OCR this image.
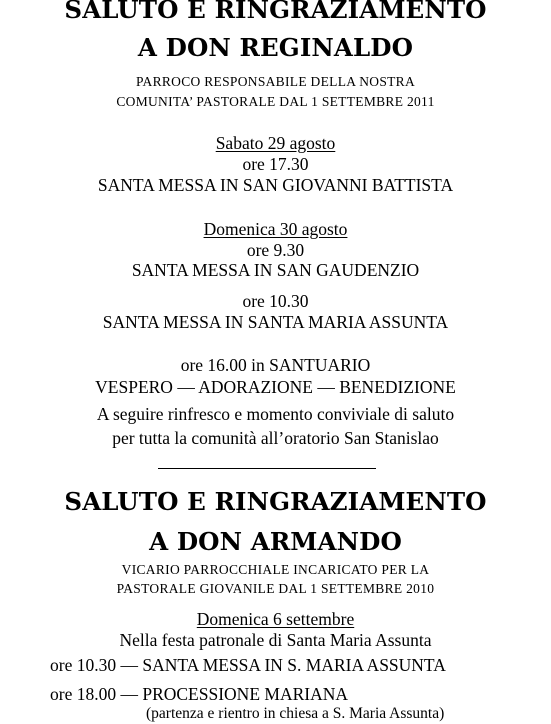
SALUTO E RINGRAZIAMENTO
A DON REGINALDO
PARROCO RESPONSABILE DELLA NOSTRA
COMUNITA’ PASTORALE DAL 1 SETTEMBRE 2011
Sabato 29 agosto
ore 17.30
SANTA MESSA IN SAN GIOVANNI BATTISTA
Domenica 30 agosto
ore 9.30
SANTA MESSA IN SAN GAUDENZIO
ore 10.30
SANTA MESSA IN SANTA MARIA ASSUNTA
ore 16.00 in SANTUARIO
VESPERO — ADORAZIONE — BENEDIZIONE
A seguire rinfresco e momento conviviale di saluto
per tutta la comunità all’oratorio San Stanislao
SALUTO E RINGRAZIAMENTO
A DON ARMANDO
VICARIO PARROCCHIALE INCARICATO PER LA
PASTORALE GIOVANILE DAL 1 SETTEMBRE 2010
Domenica 6 settembre
Nella festa patronale di Santa Maria Assunta
ore 10.30 — SANTA MESSA IN S. MARIA ASSUNTA
ore 18.00 — PROCESSIONE MARIANA
(partenza e rientro in chiesa a S. Maria Assunta)
